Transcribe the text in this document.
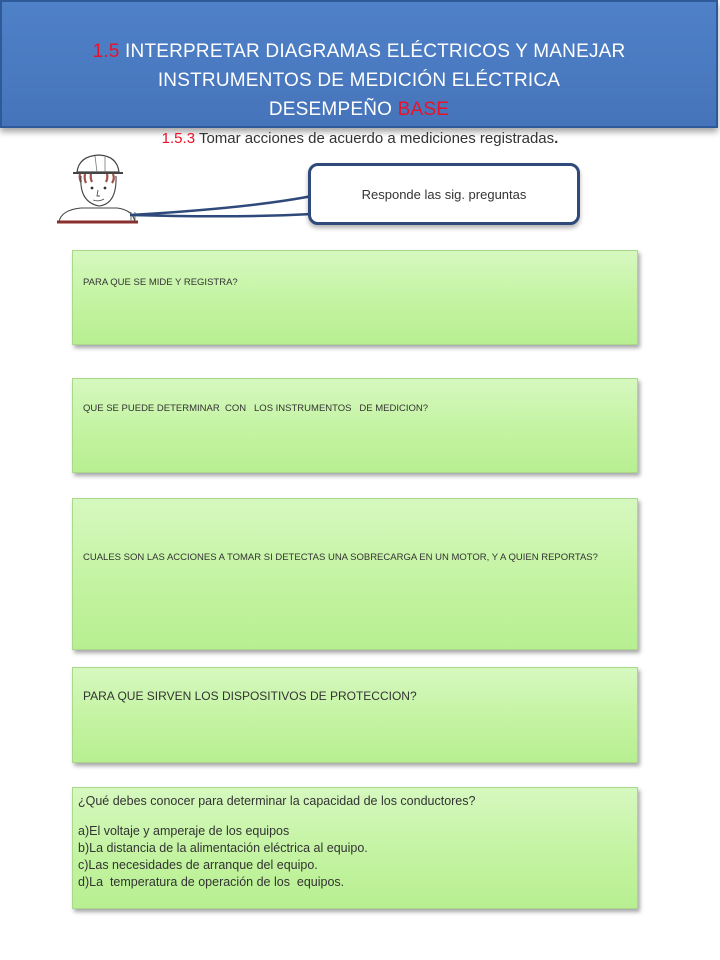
1.5 INTERPRETAR DIAGRAMAS ELÉCTRICOS Y MANEJAR
INSTRUMENTOS DE MEDICIÓN ELÉCTRICA
DESEMPEÑO BASE
1.5.3 Tomar acciones de acuerdo a mediciones registradas.
Responde las sig. preguntas
PARA QUE SE MIDE Y REGISTRA?
QUE SE PUEDE DETERMINAR  CON   LOS INSTRUMENTOS   DE MEDICION?
CUALES SON LAS ACCIONES A TOMAR SI DETECTAS UNA SOBRECARGA EN UN MOTOR, Y A QUIEN REPORTAS?
PARA QUE SIRVEN LOS DISPOSITIVOS DE PROTECCION?
¿Qué debes conocer para determinar la capacidad de los conductores?
a)El voltaje y amperaje de los equipos
b)La distancia de la alimentación eléctrica al equipo.
c)Las necesidades de arranque del equipo.
d)La  temperatura de operación de los  equipos.
